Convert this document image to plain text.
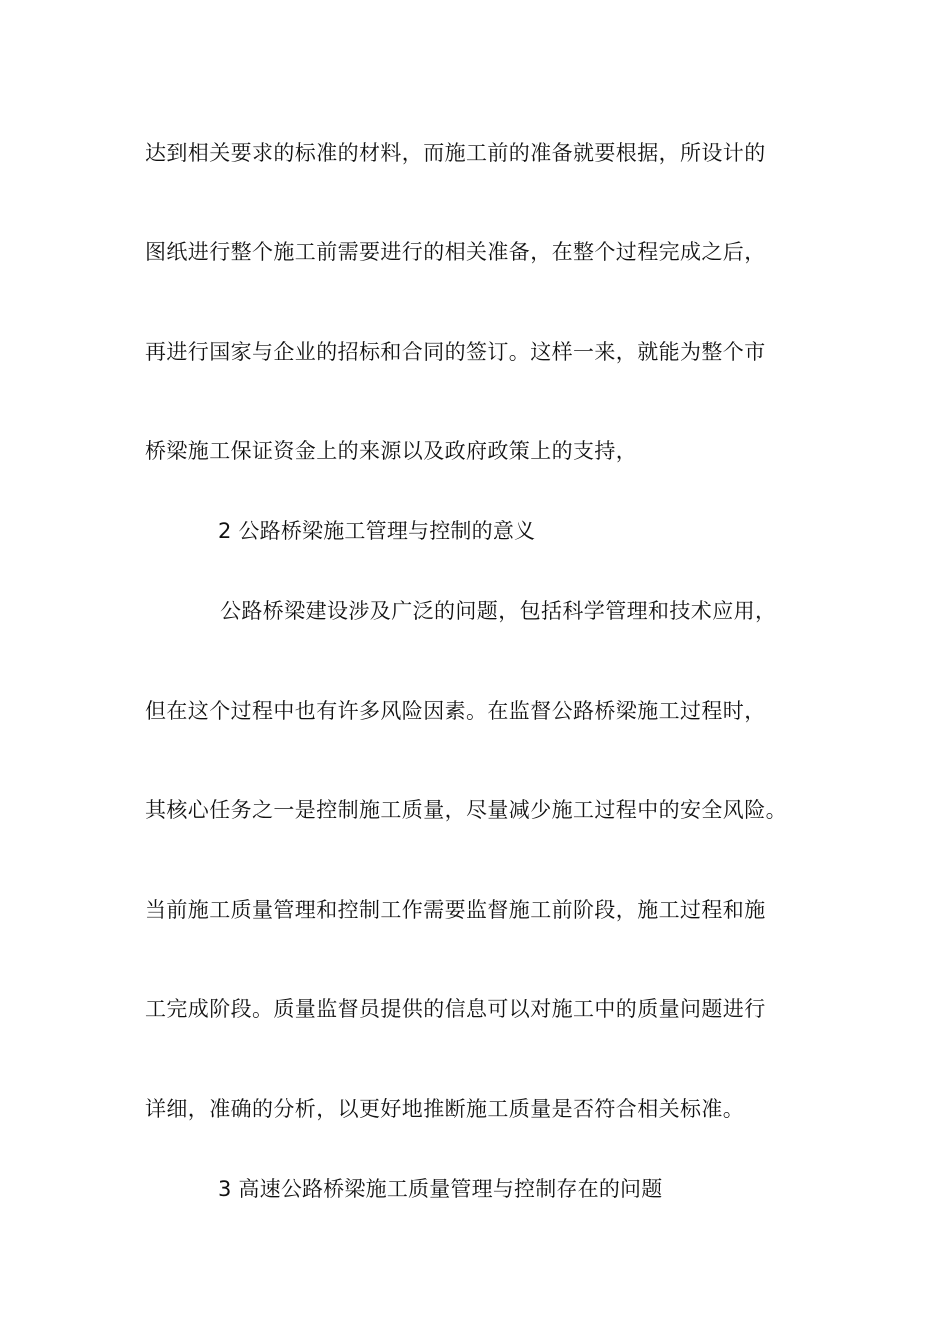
达到相关要求的标准的材料，而施工前的准备就要根据，所设计的
图纸进行整个施工前需要进行的相关准备，在整个过程完成之后，
再进行国家与企业的招标和合同的签订。这样一来，就能为整个市
桥梁施工保证资金上的来源以及政府政策上的支持，
2 公路桥梁施工管理与控制的意义
公路桥梁建设涉及广泛的问题，包括科学管理和技术应用，
但在这个过程中也有许多风险因素。在监督公路桥梁施工过程时，
其核心任务之一是控制施工质量，尽量减少施工过程中的安全风险。
当前施工质量管理和控制工作需要监督施工前阶段，施工过程和施
工完成阶段。质量监督员提供的信息可以对施工中的质量问题进行
详细，准确的分析，以更好地推断施工质量是否符合相关标准。
3 高速公路桥梁施工质量管理与控制存在的问题
